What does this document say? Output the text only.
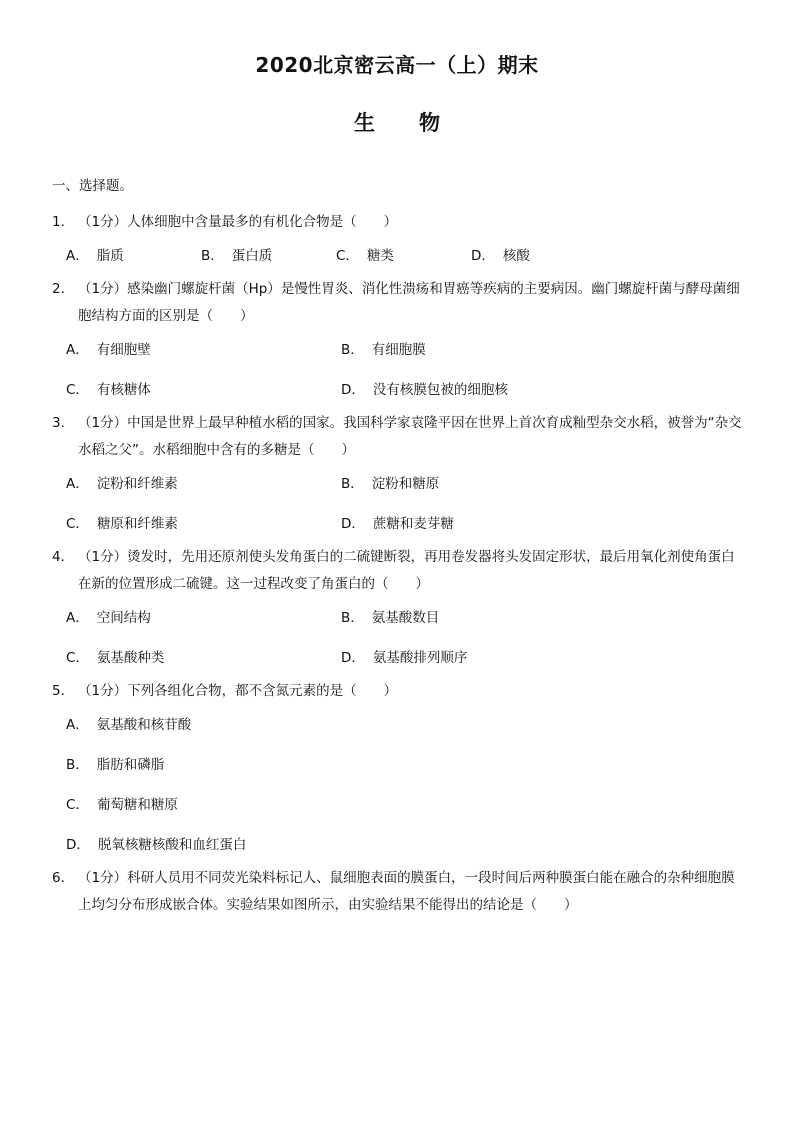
2020北京密云高一（上）期末
生物
一、选择题。
1． （1分）人体细胞中含量最多的有机化合物是（　　）
A． 脂质	B． 蛋白质	C． 糖类	D． 核酸
2． （1分）感染幽门螺旋杆菌（Hp）是慢性胃炎、消化性溃疡和胃癌等疾病的主要病因。幽门螺旋杆菌与酵母菌细胞结构方面的区别是（　　）
A． 有细胞壁	B． 有细胞膜
C． 有核糖体	D． 没有核膜包被的细胞核
3． （1分）中国是世界上最早种植水稻的国家。我国科学家袁隆平因在世界上首次育成籼型杂交水稻，被誉为“杂交水稻之父”。水稻细胞中含有的多糖是（　　）
A． 淀粉和纤维素	B． 淀粉和糖原
C． 糖原和纤维素	D． 蔗糖和麦芽糖
4． （1分）烫发时，先用还原剂使头发角蛋白的二硫键断裂，再用卷发器将头发固定形状，最后用氧化剂使角蛋白在新的位置形成二硫键。这一过程改变了角蛋白的（　　）
A． 空间结构	B． 氨基酸数目
C． 氨基酸种类	D． 氨基酸排列顺序
5． （1分）下列各组化合物，都不含氮元素的是（　　）
A． 氨基酸和核苷酸
B． 脂肪和磷脂
C． 葡萄糖和糖原
D． 脱氧核糖核酸和血红蛋白
6． （1分）科研人员用不同荧光染料标记人、鼠细胞表面的膜蛋白，一段时间后两种膜蛋白能在融合的杂种细胞膜上均匀分布形成嵌合体。实验结果如图所示，由实验结果不能得出的结论是（　　）
